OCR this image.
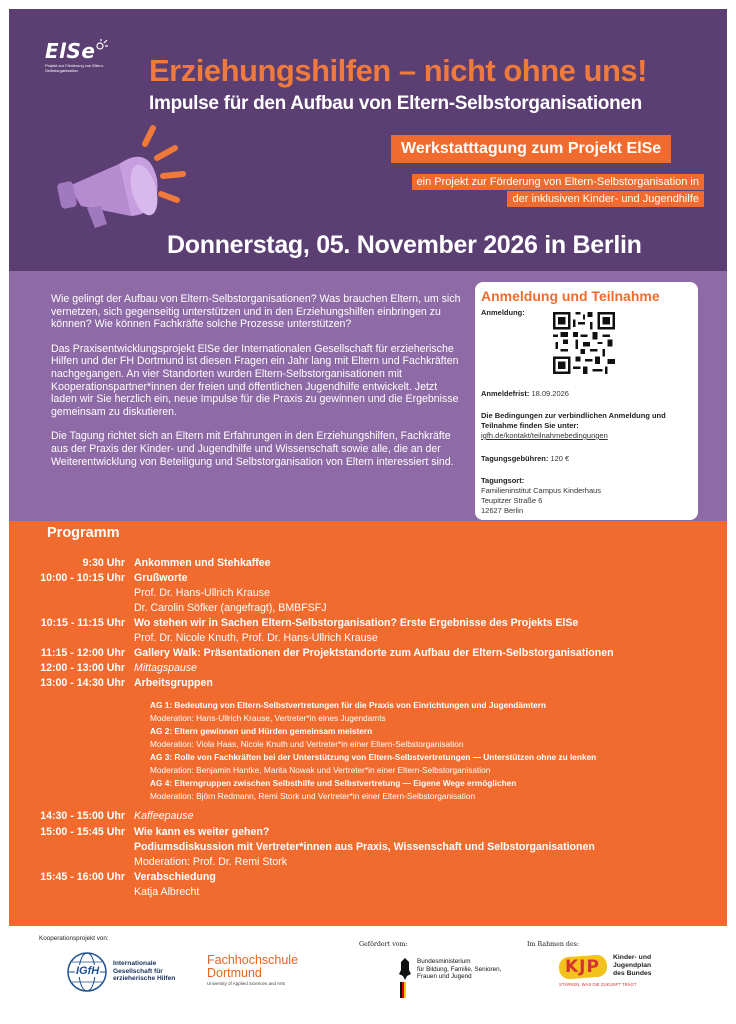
ElSe
Projekt zur Förderung von Eltern-Selbstorganisation	Erziehungshilfen – nicht ohne uns!
Impulse für den Aufbau von Eltern-Selbstorganisationen
Werkstatttagung zum Projekt ElSe
ein Projekt zur Förderung von Eltern-Selbstorganisation in
der inklusiven Kinder- und Jugendhilfe
Donnerstag, 05. November 2026 in Berlin

Wie gelingt der Aufbau von Eltern-Selbstorganisationen? Was brauchen Eltern, um sich vernetzen, sich gegenseitig unterstützen und in den Erziehungshilfen einbringen zu können? Wie können Fachkräfte solche Prozesse unterstützen?

Das Praxisentwicklungsprojekt ElSe der Internationalen Gesellschaft für erzieherische Hilfen und der FH Dortmund ist diesen Fragen ein Jahr lang mit Eltern und Fachkräften nachgegangen. An vier Standorten wurden Eltern-Selbstorganisationen mit Kooperationspartner*innen der freien und öffentlichen Jugendhilfe entwickelt. Jetzt laden wir Sie herzlich ein, neue Impulse für die Praxis zu gewinnen und die Ergebnisse gemeinsam zu diskutieren.

Die Tagung richtet sich an Eltern mit Erfahrungen in den Erziehungshilfen, Fachkräfte aus der Praxis der Kinder- und Jugendhilfe und Wissenschaft sowie alle, die an der Weiterentwicklung von Beteiligung und Selbstorganisation von Eltern interessiert sind.

Anmeldung und Teilnahme
Anmeldung:
Anmeldefrist: 18.09.2026
Die Bedingungen zur verbindlichen Anmeldung und
Teilnahme finden Sie unter:
igfh.de/kontakt/teilnahmebedingungen
Tagungsgebühren: 120 €
Tagungsort:
Familieninstitut Campus Kinderhaus
Teupitzer Straße 6
12627 Berlin
Programm
9:30 Uhr Ankommen und Stehkaffee
10:00 - 10:15 Uhr Grußworte
Prof. Dr. Hans-Ullrich Krause
Dr. Carolin Söfker (angefragt), BMBFSFJ
10:15 - 11:15 Uhr Wo stehen wir in Sachen Eltern-Selbstorganisation? Erste Ergebnisse des Projekts ElSe
Prof. Dr. Nicole Knuth, Prof. Dr. Hans-Ullrich Krause
11:15 - 12:00 Uhr Gallery Walk: Präsentationen der Projektstandorte zum Aufbau der Eltern-Selbstorganisationen
12:00 - 13:00 Uhr Mittagspause
13:00 - 14:30 Uhr Arbeitsgruppen
AG 1: Bedeutung von Eltern-Selbstvertretungen für die Praxis von Einrichtungen und Jugendämtern
Moderation: Hans-Ullrich Krause, Vertreter*in eines Jugendamts
AG 2: Eltern gewinnen und Hürden gemeinsam meistern
Moderation: Viola Haas, Nicole Knuth und Vertreter*in einer Eltern-Selbstorganisation
AG 3: Rolle von Fachkräften bei der Unterstützung von Eltern-Selbstvertretungen — Unterstützen ohne zu lenken
Moderation: Benjamin Hantke, Marita Nowak und Vertreter*in einer Eltern-Selbstorganisation
AG 4: Elterngruppen zwischen Selbsthilfe und Selbstvertretung — Eigene Wege ermöglichen
Moderation: Björn Redmann, Remi Stork und Vertreter*in einer Eltern-Selbstorganisation
14:30 - 15:00 Uhr Kaffeepause
15:00 - 15:45 Uhr Wie kann es weiter gehen?
Podiumsdiskussion mit Vertreter*innen aus Praxis, Wissenschaft und Selbstorganisationen
Moderation: Prof. Dr. Remi Stork
15:45 - 16:00 Uhr Verabschiedung
Katja Albrecht
Kooperationsprojekt von:
IGfH
Internationale
Gesellschaft für
erzieherische Hilfen
Fachhochschule
Dortmund
University of Applied Sciences and Arts
Gefördert vom:
Bundesministerium
für Bildung, Familie, Senioren,
Frauen und Jugend
Im Rahmen des:
KJP Kinder- und
Jugendplan
des Bundes
STÄRKEN, WAS DIE ZUKUNFT TRÄGT
